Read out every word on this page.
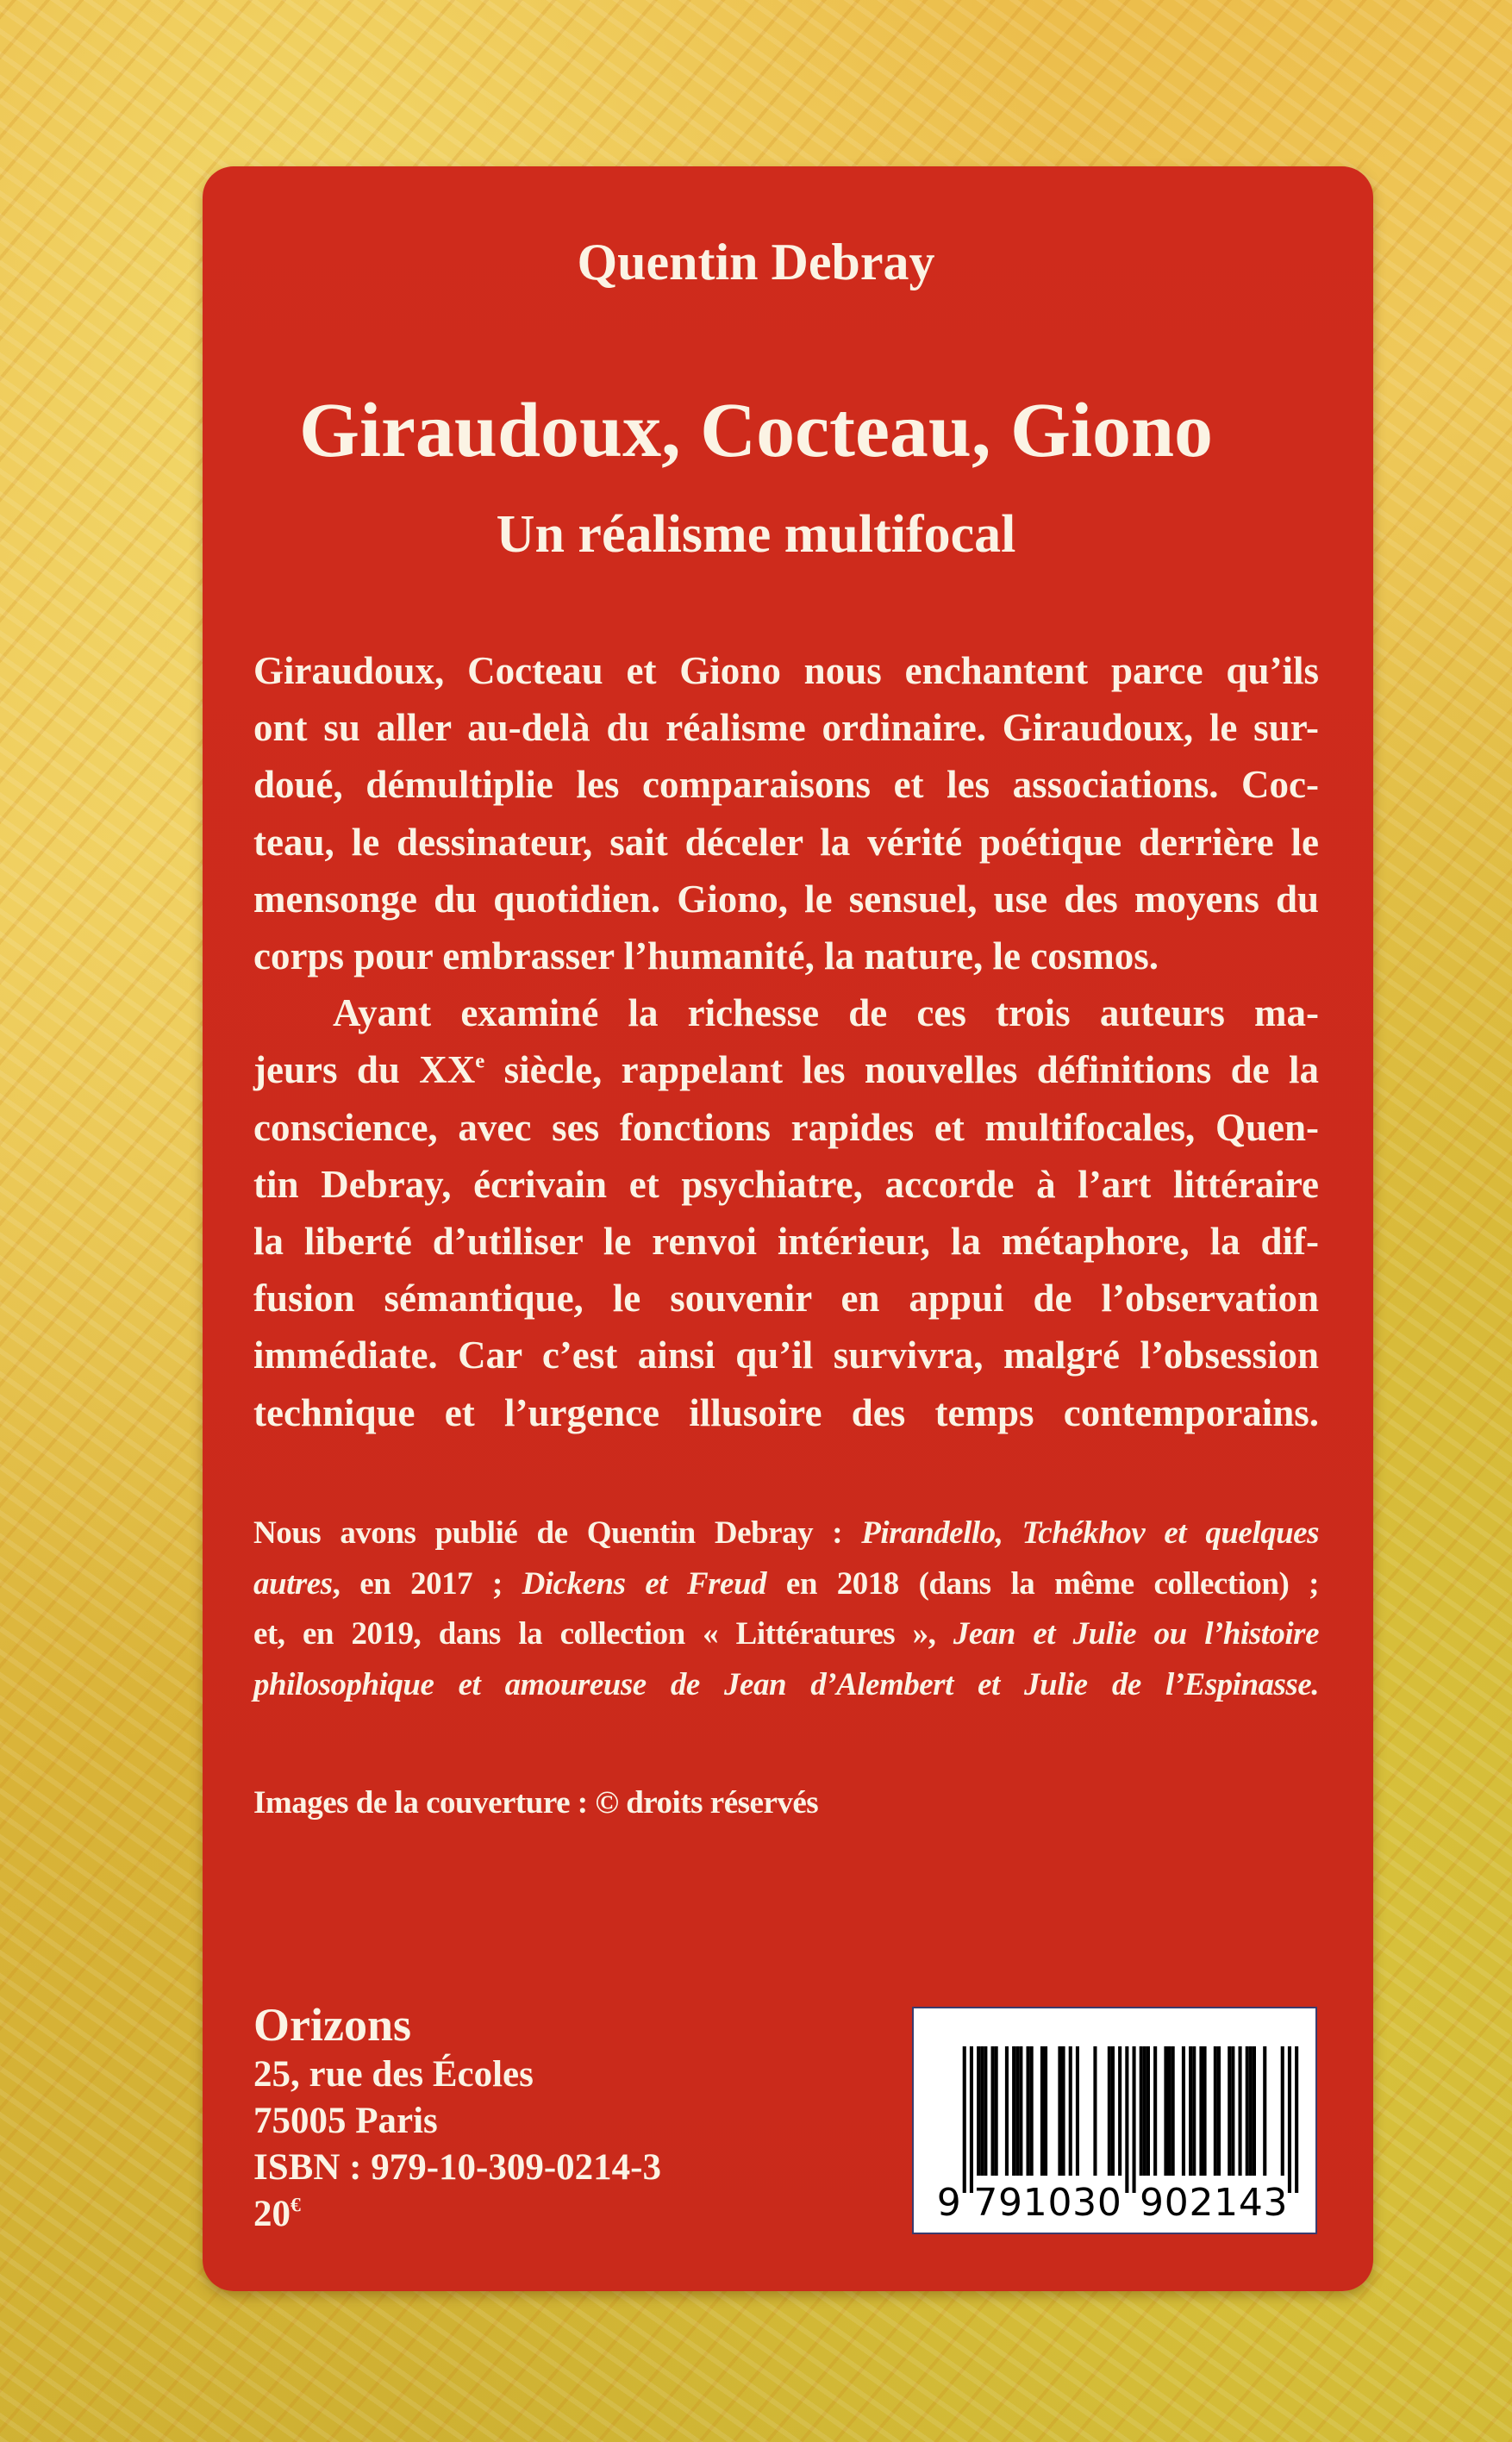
Quentin Debray
Giraudoux, Cocteau, Giono
Un réalisme multifocal
Giraudoux, Cocteau et Giono nous enchantent parce qu’ils
ont su aller au-delà du réalisme ordinaire. Giraudoux, le sur-
doué, démultiplie les comparaisons et les associations. Coc-
teau, le dessinateur, sait déceler la vérité poétique derrière le
mensonge du quotidien. Giono, le sensuel, use des moyens du
corps pour embrasser l’humanité, la nature, le cosmos.
Ayant examiné la richesse de ces trois auteurs ma-
jeurs du XXe siècle, rappelant les nouvelles définitions de la
conscience, avec ses fonctions rapides et multifocales, Quen-
tin Debray, écrivain et psychiatre, accorde à l’art littéraire
la liberté d’utiliser le renvoi intérieur, la métaphore, la dif-
fusion sémantique, le souvenir en appui de l’observation
immédiate. Car c’est ainsi qu’il survivra, malgré l’obsession
technique et l’urgence illusoire des temps contemporains.
Nous avons publié de Quentin Debray : Pirandello, Tchékhov et quelques
autres, en 2017 ; Dickens et Freud en 2018 (dans la même collection) ;
et, en 2019, dans la collection « Littératures », Jean et Julie ou l’histoire
philosophique et amoureuse de Jean d’Alembert et Julie de l’Espinasse.
Images de la couverture : © droits réservés
Orizons
25, rue des Écoles
75005 Paris
ISBN : 979-10-309-0214-3
20€	9 7 9 1 0 3 0 9 0 2 1 4 3
